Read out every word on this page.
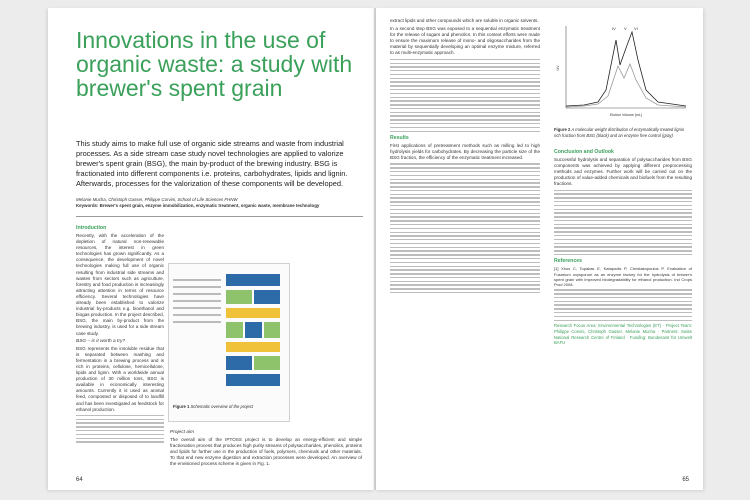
Innovations in the use of organic waste: a study with brewer's spent grain

This study aims to make full use of organic side streams and waste from industrial processes. As a side stream case study novel technologies are applied to valorize brewer's spent grain (BSG), the main by-product of the brewing industry. BSG is fractionated into different components i.e. proteins, carbohydrates, lipids and lignin. Afterwards, processes for the valorization of these components will be developed.

Melanie Mucha, Christoph Gasser, Philippe Corvini, School of Life Sciences FHNW
Keywords: Brewer's spent grain, enzyme immobilization, enzymatic treatment, organic waste, membrane technology
Introduction

Recently, with the acceleration of the depletion of natural non-renewable resources, the interest in green technologies has grown significantly. As a consequence, the development of novel technologies making full use of organic resulting from industrial side streams and wastes from sectors such as agriculture, forestry and food production is increasingly attracting attention in terms of resource efficiency. Several technologies have already been established to valorize industrial by-products e.g. bioethanol and biogas production. In the project described, BSG, the main by-product from the brewing industry, is used for a side stream case study.

BSG – is it worth a try?

BSG represents the insoluble residue that is separated between mashing and fermentation in a brewing process and is rich in proteins, cellulose, hemicellulose, lipids and lignin. With a worldwide annual production of 30 million tons, BSG is available in economically interesting amounts. Currently it is used as animal feed, composted or disposed of to landfill and has been investigated as feedstock for ethanol production.

Figure 1 Schematic overview of the project
Project aim

The overall aim of the IPTOSS project is to develop an energy-efficient and simple fractionation process that produces high purity streams of polysaccharides, phenolics, proteins and lipids for further use in the production of fuels, polymers, chemicals and other materials. To that end new enzyme digestion and extraction processes were developed. An overview of the envisioned process scheme is given in Fig. 1.

64

extract lipids and other compounds which are soluble in organic solvents.

In a second step BSG was exposed to a sequential enzymatic treatment for the release of sugars and phenolics. In this context efforts were made to ensure the maximum release of mono- and oligosaccharides from the material by sequentially developing an optimal enzyme mixture, referred to as multi-enzymatic approach.

Results

First applications of pretreatment methods such as milling led to high hydrolysis yields for carbohydrates. By decreasing the particle size of the BSG fraction, the efficiency of the enzymatic treatment increased.

IV V VI
Elution Volume [mL]
UV
Figure 2 A molecular weight distribution of enzymatically treated lignin rich fraction from BSG (black) and an enzyme free control (gray)
Conclusion and Outlook

Successful hydrolysis and separation of polysaccharides from BSG components was achieved by applying different preprocessing methods and enzymes. Further work will be carried out on the production of value-added chemicals and biofuels from the resulting fractions.

References

[1] Xiros C, Topakas E, Katapodis P, Christakopoulos P. Evaluation of Fusarium oxysporum as an enzyme factory for the hydrolysis of brewer's spent grain with improved biodegradability for ethanol production. Ind Crops Prod 2008.

Research Focus Area: Environmental Technologies (ET) · Project Team: Philippe Corvini, Christoph Gasser, Melanie Mucha · Partners: Swiss National Research Centre of Finland · Funding: Bundesamt für Umwelt BAFU

65
